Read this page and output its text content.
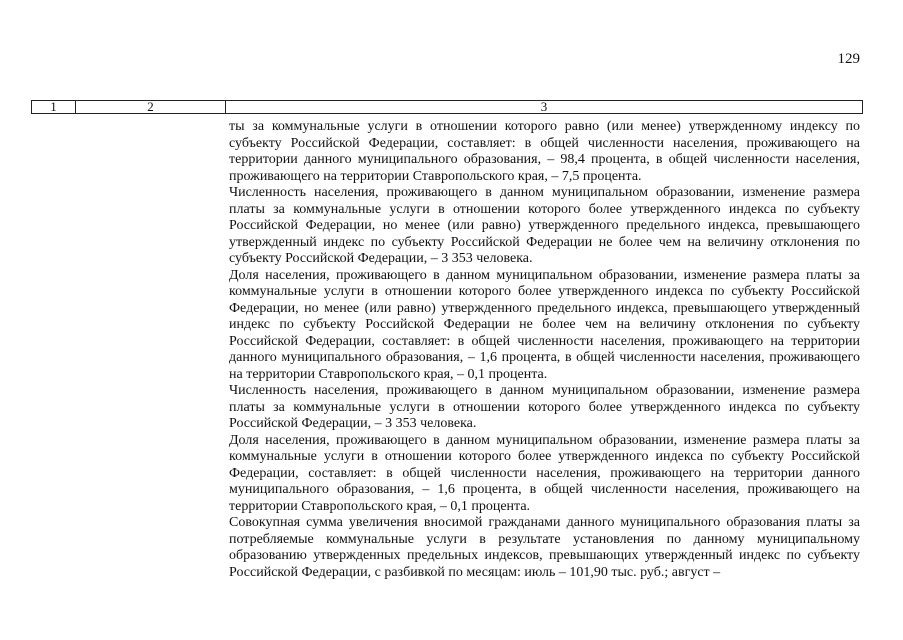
129
1	2	3

ты за коммунальные услуги в отношении которого равно (или менее) утвержденному индексу по субъекту Российской Федерации, составляет: в общей численности населения, проживающего на территории данного муниципального образования, – 98,4 процента, в общей численности населения, проживающего на территории Ставропольского края, – 7,5 процента.

Численность населения, проживающего в данном муниципальном образовании, изменение размера платы за коммунальные услуги в отношении которого более утвержденного индекса по субъекту Российской Федерации, но менее (или равно) утвержденного предельного индекса, превышающего утвержденный индекс по субъекту Российской Федерации не более чем на величину отклонения по субъекту Российской Федерации, – 3 353 человека.

Доля населения, проживающего в данном муниципальном образовании, изменение размера платы за коммунальные услуги в отношении которого более утвержденного индекса по субъекту Российской Федерации, но менее (или равно) утвержденного предельного индекса, превышающего утвержденный индекс по субъекту Российской Федерации не более чем на величину отклонения по субъекту Российской Федерации, составляет: в общей численности населения, проживающего на территории данного муниципального образования, – 1,6 процента, в общей численности населения, проживающего на территории Ставропольского края, – 0,1 процента.

Численность населения, проживающего в данном муниципальном образовании, изменение размера платы за коммунальные услуги в отношении которого более утвержденного индекса по субъекту Российской Федерации, – 3 353 человека.

Доля населения, проживающего в данном муниципальном образовании, изменение размера платы за коммунальные услуги в отношении которого более утвержденного индекса по субъекту Российской Федерации, составляет: в общей численности населения, проживающего на территории данного муниципального образования, – 1,6 процента, в общей численности населения, проживающего на территории Ставропольского края, – 0,1 процента.

Совокупная сумма увеличения вносимой гражданами данного муниципального образования платы за потребляемые коммунальные услуги в результате установления по данному муниципальному образованию утвержденных предельных индексов, превышающих утвержденный индекс по субъекту Российской Федерации, с разбивкой по месяцам: июль – 101,90 тыс. руб.; август –
